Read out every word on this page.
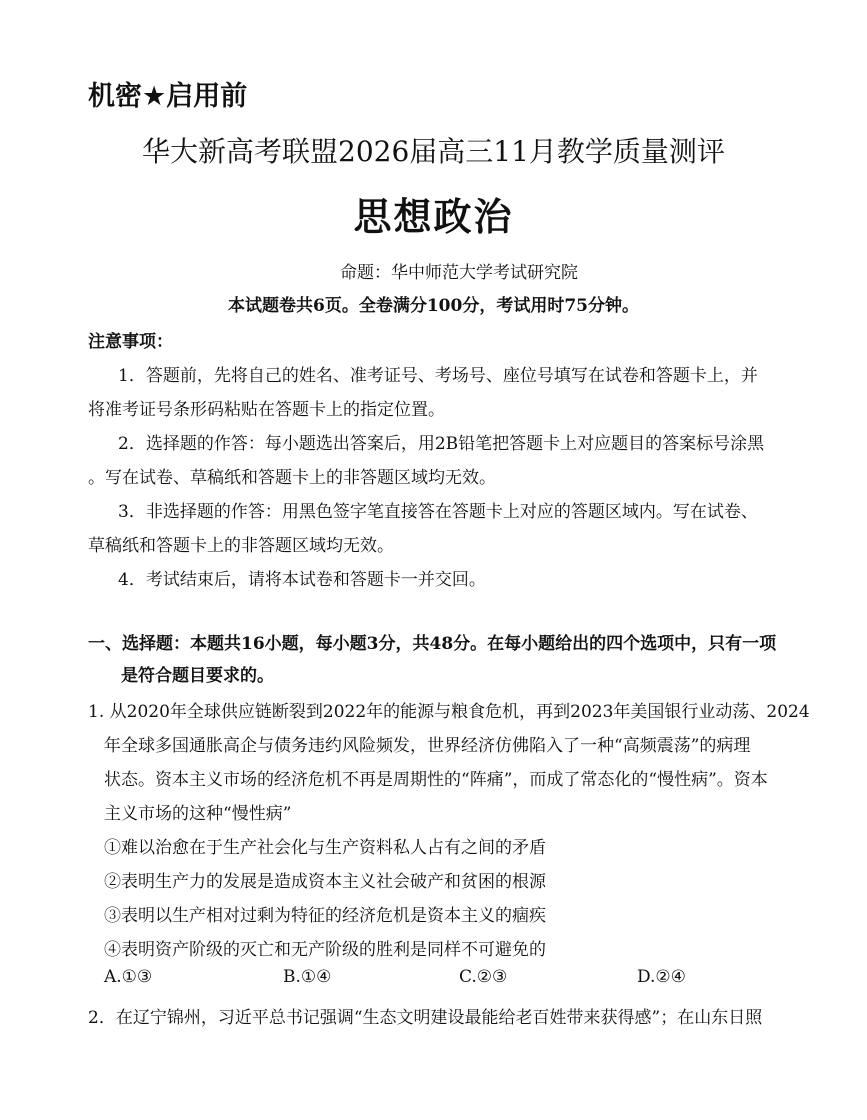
机密★启用前
华大新高考联盟2026届高三11月教学质量测评
思想政治
命题：华中师范大学考试研究院
本试题卷共6页。全卷满分100分，考试用时75分钟。
注意事项：
1．答题前，先将自己的姓名、准考证号、考场号、座位号填写在试卷和答题卡上，并
将准考证号条形码粘贴在答题卡上的指定位置。
2．选择题的作答：每小题选出答案后，用2B铅笔把答题卡上对应题目的答案标号涂黑
。写在试卷、草稿纸和答题卡上的非答题区域均无效。
3．非选择题的作答：用黑色签字笔直接答在答题卡上对应的答题区域内。写在试卷、
草稿纸和答题卡上的非答题区域均无效。
4．考试结束后，请将本试卷和答题卡一并交回。
一、选择题：本题共16小题，每小题3分，共48分。在每小题给出的四个选项中，只有一项
是符合题目要求的。
1. 从2020年全球供应链断裂到2022年的能源与粮食危机，再到2023年美国银行业动荡、2024
年全球多国通胀高企与债务违约风险频发，世界经济仿佛陷入了一种“高频震荡”的病理
状态。资本主义市场的经济危机不再是周期性的“阵痛”，而成了常态化的“慢性病”。资本
主义市场的这种“慢性病”
①难以治愈在于生产社会化与生产资料私人占有之间的矛盾
②表明生产力的发展是造成资本主义社会破产和贫困的根源
③表明以生产相对过剩为特征的经济危机是资本主义的痼疾
④表明资产阶级的灭亡和无产阶级的胜利是同样不可避免的
A.①③	B.①④	C.②③	D.②④
2．在辽宁锦州，习近平总书记强调“生态文明建设最能给老百姓带来获得感”；在山东日照
